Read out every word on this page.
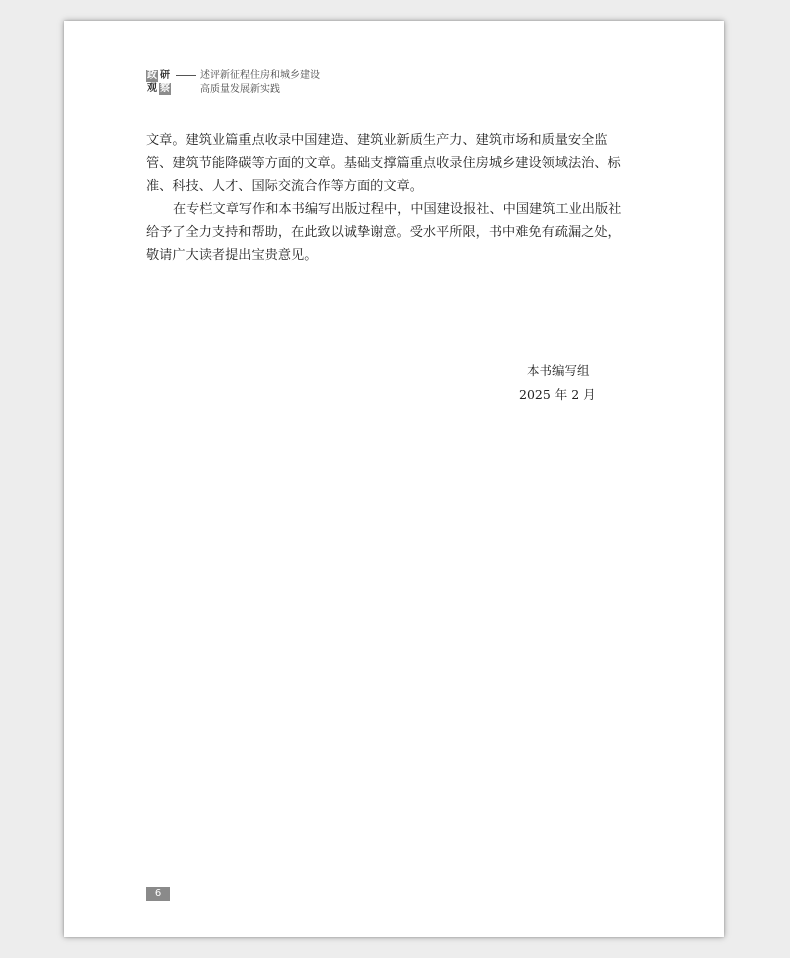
政 研
观 察
述评新征程住房和城乡建设
高质量发展新实践

文章。建筑业篇重点收录中国建造、建筑业新质生产力、建筑市场和质量安全监

管、建筑节能降碳等方面的文章。基础支撑篇重点收录住房城乡建设领域法治、标

准、科技、人才、国际交流合作等方面的文章。

在专栏文章写作和本书编写出版过程中，中国建设报社、中国建筑工业出版社

给予了全力支持和帮助，在此致以诚挚谢意。受水平所限，书中难免有疏漏之处，

敬请广大读者提出宝贵意见。

本书编写组
2025 年 2 月
6
